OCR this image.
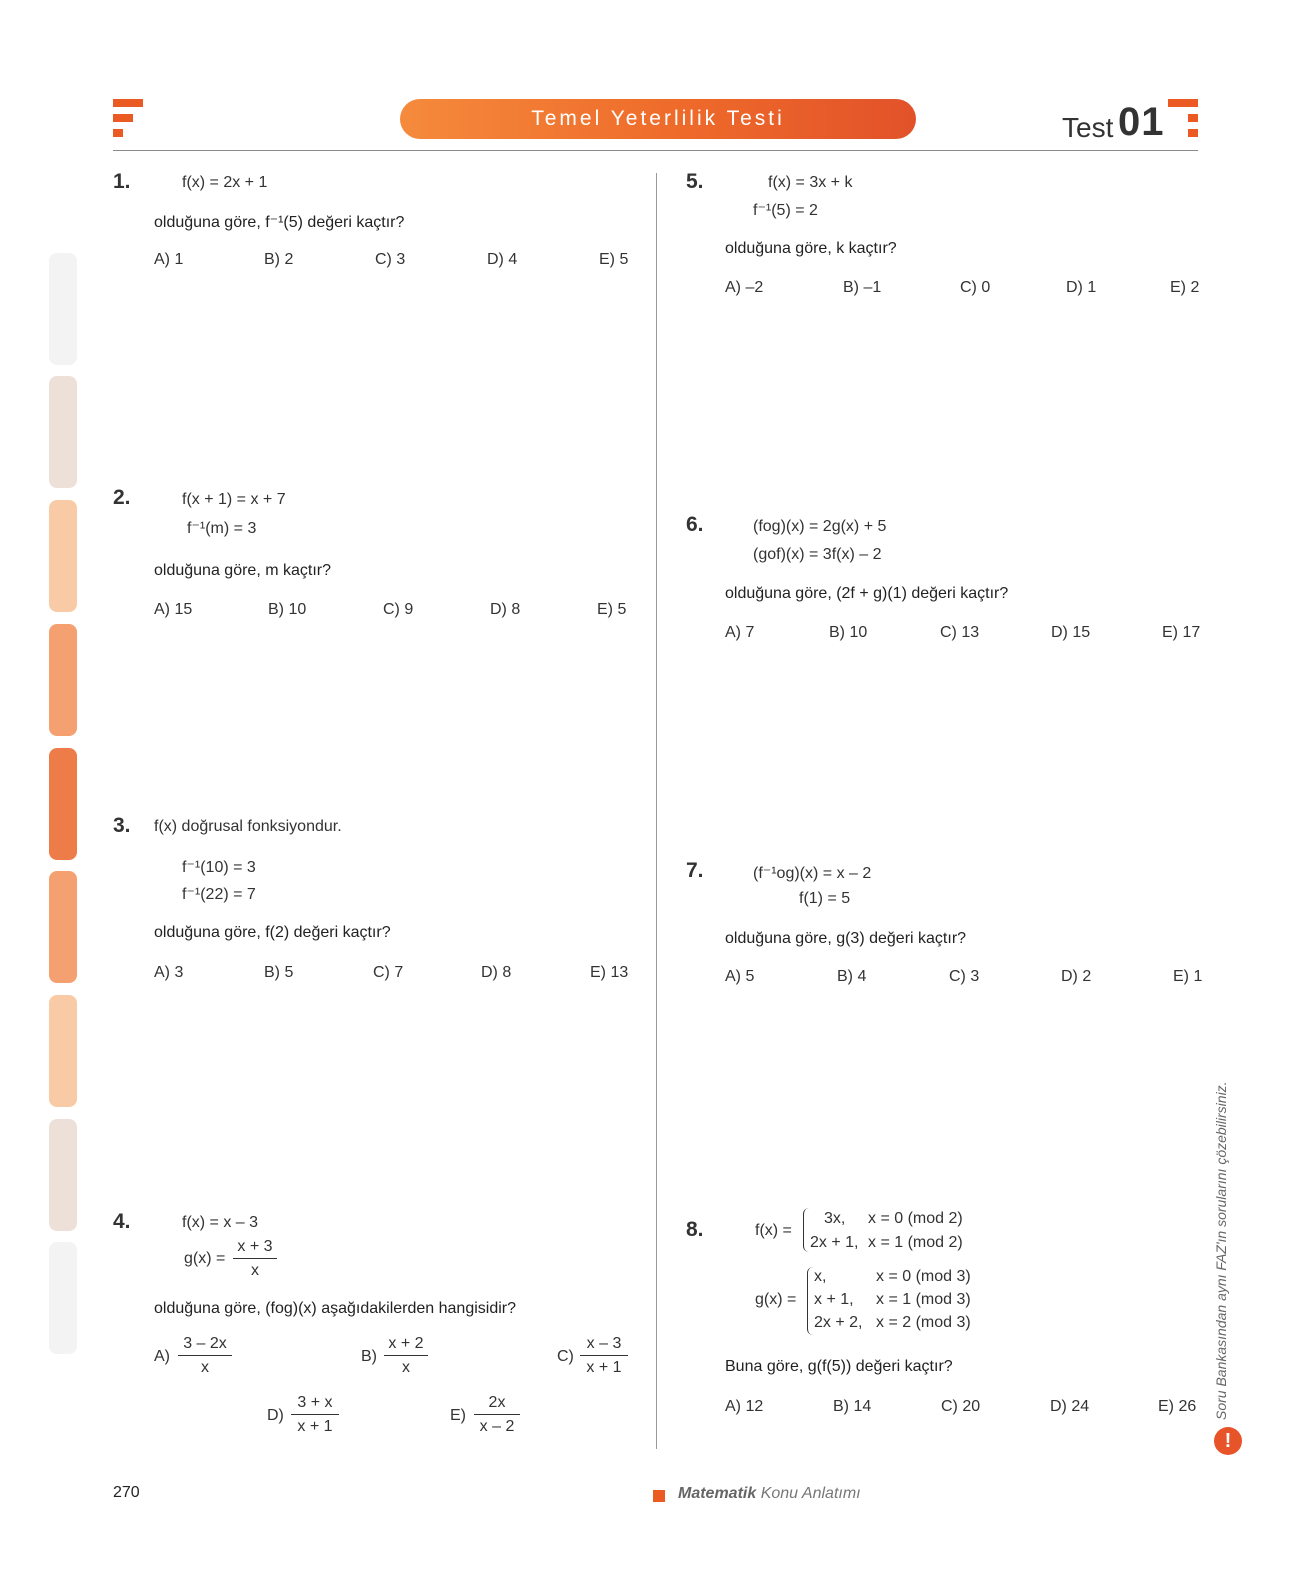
Temel Yeterlilik Testi	Test 01
1.	f(x) = 2x + 1
olduğuna göre, f⁻¹(5) değeri kaçtır?
A) 1	B) 2	C) 3	D) 4	E) 5
2.	f(x + 1) = x + 7
f⁻¹(m) = 3
olduğuna göre, m kaçtır?
A) 15	B) 10	C) 9	D) 8	E) 5
3. f(x) doğrusal fonksiyondur.
f⁻¹(10) = 3
f⁻¹(22) = 7
olduğuna göre, f(2) değeri kaçtır?
A) 3	B) 5	C) 7	D) 8	E) 13
4.	f(x) = x – 3
$g(x) = \frac{x + 3}{x}$
olduğuna göre, (fog)(x) aşağıdakilerden hangisidir?
$A) \frac{3 - 2x}{x}$	$B) \frac{x + 2}{x}$	$C) \frac{x - 3}{x + 1}$
$D) \frac{3 + x}{x + 1}$	$E) \frac{2x}{x - 2}$
5.	f(x) = 3x + k
f⁻¹(5) = 2
olduğuna göre, k kaçtır?
A) –2	B) –1	C) 0	D) 1	E) 2
6.	(fog)(x) = 2g(x) + 5
(gof)(x) = 3f(x) – 2
olduğuna göre, (2f + g)(1) değeri kaçtır?
A) 7	B) 10	C) 13	D) 15	E) 17
7.	(f⁻¹og)(x) = x – 2
f(1) = 5
olduğuna göre, g(3) değeri kaçtır?
A) 5	B) 4	C) 3	D) 2	E) 1
8.	f(x) =
3x, x = 0 (mod 2)
2x + 1, x = 1 (mod 2)
g(x) =
x,	x = 0 (mod 3)
x + 1, x = 1 (mod 3)
2x + 2, x = 2 (mod 3)
Buna göre, g(f(5)) değeri kaçtır?
A) 12	B) 14	C) 20	D) 24	E) 26 Soru Bankasından aynı FAZ'ın sorularını çözebilirsiniz.
!
270	Matematik Konu Anlatımı
